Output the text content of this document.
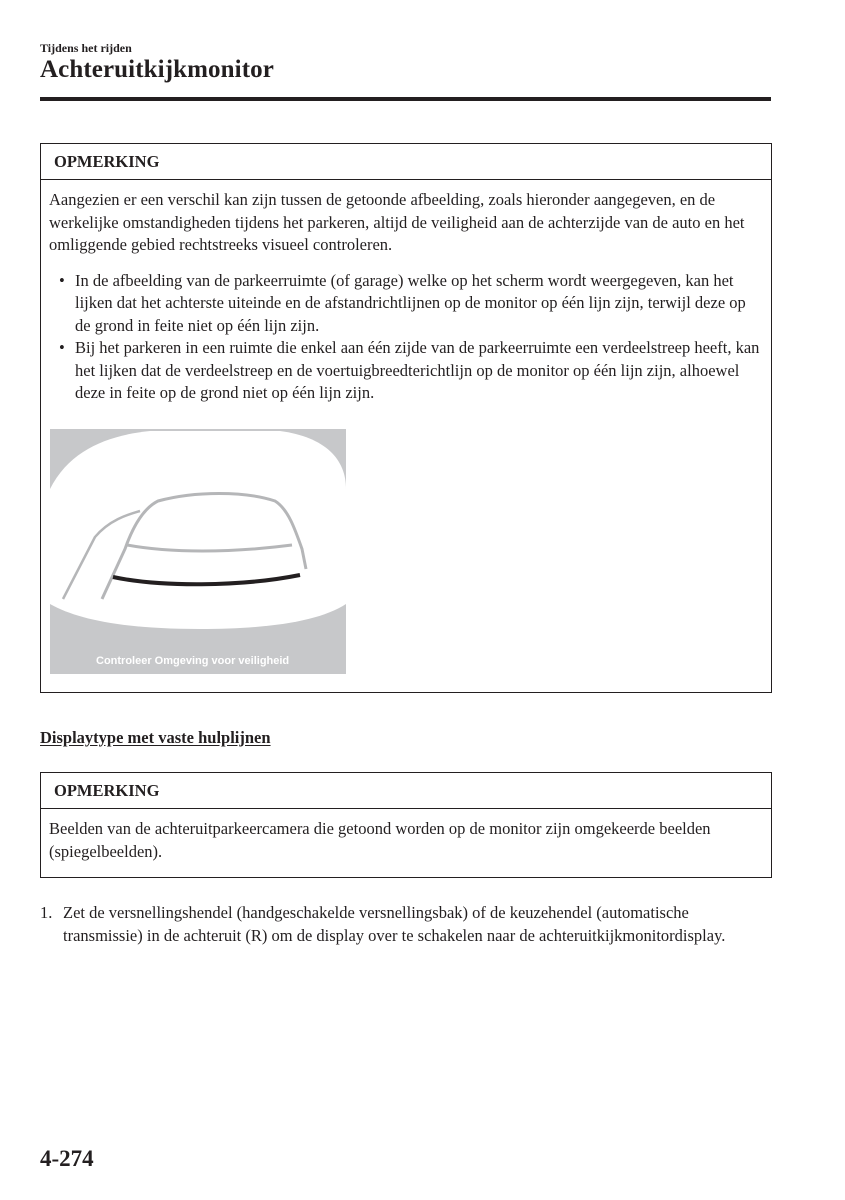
Tijdens het rijden
Achteruitkijkmonitor
OPMERKING

Aangezien er een verschil kan zijn tussen de getoonde afbeelding, zoals hieronder aangegeven, en de werkelijke omstandigheden tijdens het parkeren, altijd de veiligheid aan de achterzijde van de auto en het omliggende gebied rechtstreeks visueel controleren.

• In de afbeelding van de parkeerruimte (of garage) welke op het scherm wordt weergegeven, kan het lijken dat het achterste uiteinde en de afstandrichtlijnen op de monitor op één lijn zijn, terwijl deze op de grond in feite niet op één lijn zijn.
• Bij het parkeren in een ruimte die enkel aan één zijde van de parkeerruimte een verdeelstreep heeft, kan het lijken dat de verdeelstreep en de voertuigbreedterichtlijn op de monitor op één lijn zijn, alhoewel deze in feite op de grond niet op één lijn zijn.
Controleer Omgeving voor veiligheid
Displaytype met vaste hulplijnen
OPMERKING

Beelden van de achteruitparkeercamera die getoond worden op de monitor zijn omgekeerde beelden (spiegelbeelden).

1. Zet de versnellingshendel (handgeschakelde versnellingsbak) of de keuzehendel (automatische transmissie) in de achteruit (R) om de display over te schakelen naar de achteruitkijkmonitordisplay.
4-274
